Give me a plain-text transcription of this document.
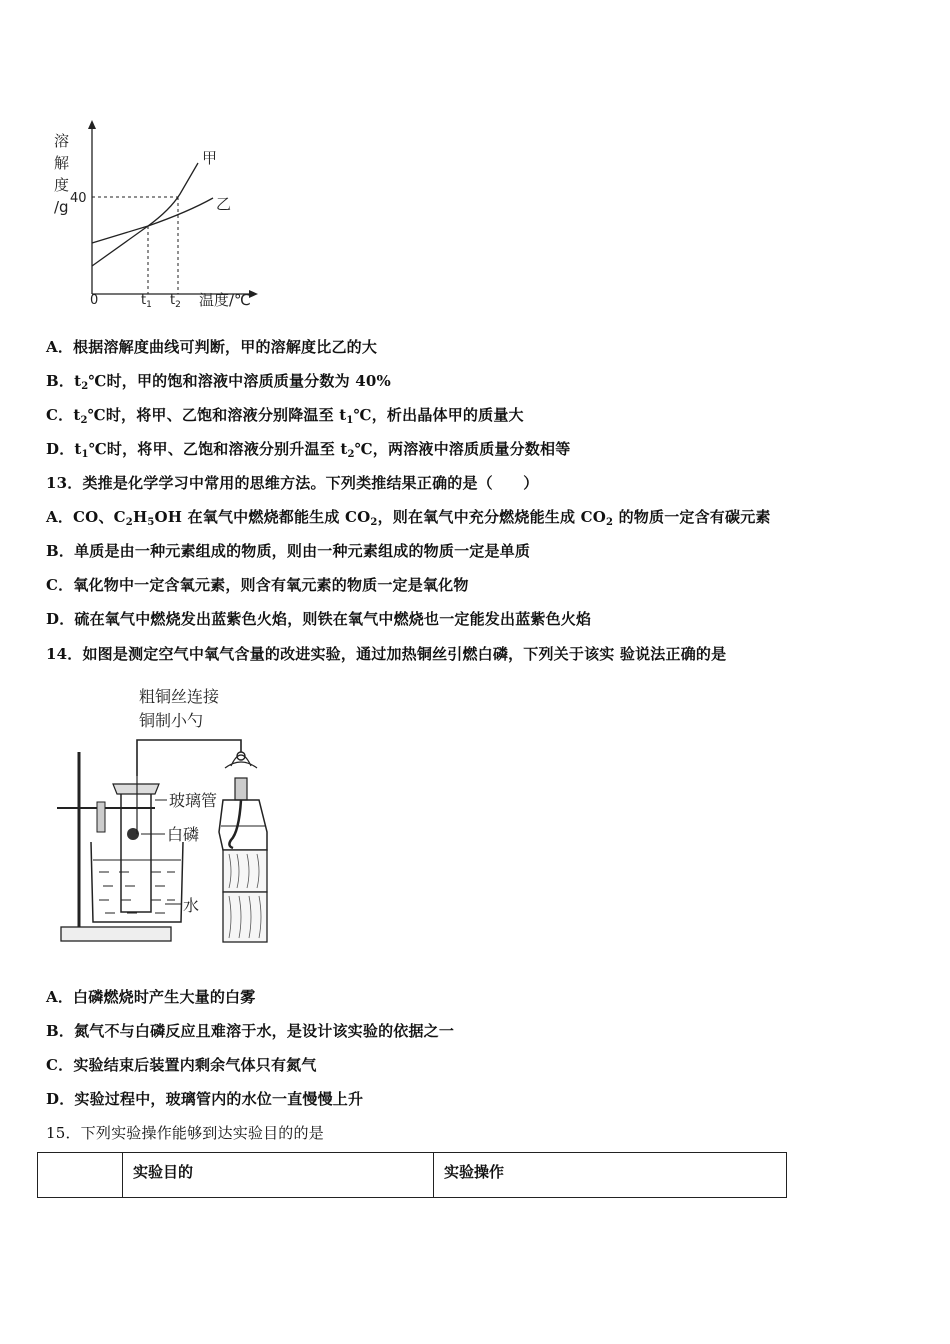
溶
解
度
/g 40
甲
乙
0	$t_1$ $t_2$ 温度/℃
A．根据溶解度曲线可判断，甲的溶解度比乙的大
B．$t_2℃$时，甲的饱和溶液中溶质质量分数为 40%
C．$t_2℃$时，将甲、乙饱和溶液分别降温至 $t_1℃$，析出晶体甲的质量大
D．$t_1℃$时，将甲、乙饱和溶液分别升温至 $t_2℃$，两溶液中溶质质量分数相等
13．类推是化学学习中常用的思维方法。下列类推结果正确的是（　　）
A．CO、$C_2H_5OH$ 在氧气中燃烧都能生成 $CO_2$，则在氧气中充分燃烧能生成 $CO_2$ 的物质一定含有碳元素
B．单质是由一种元素组成的物质，则由一种元素组成的物质一定是单质
C．氧化物中一定含氧元素，则含有氧元素的物质一定是氧化物
D．硫在氧气中燃烧发出蓝紫色火焰，则铁在氧气中燃烧也一定能发出蓝紫色火焰
14．如图是测定空气中氧气含量的改进实验，通过加热铜丝引燃白磷，下列关于该实 验说法正确的是
粗铜丝连接
铜制小勺
玻璃管
白磷
水
A．白磷燃烧时产生大量的白雾
B．氮气不与白磷反应且难溶于水，是设计该实验的依据之一
C．实验结束后装置内剩余气体只有氮气
D．实验过程中，玻璃管内的水位一直慢慢上升
15．下列实验操作能够到达实验目的的是
	实验目的	实验操作
